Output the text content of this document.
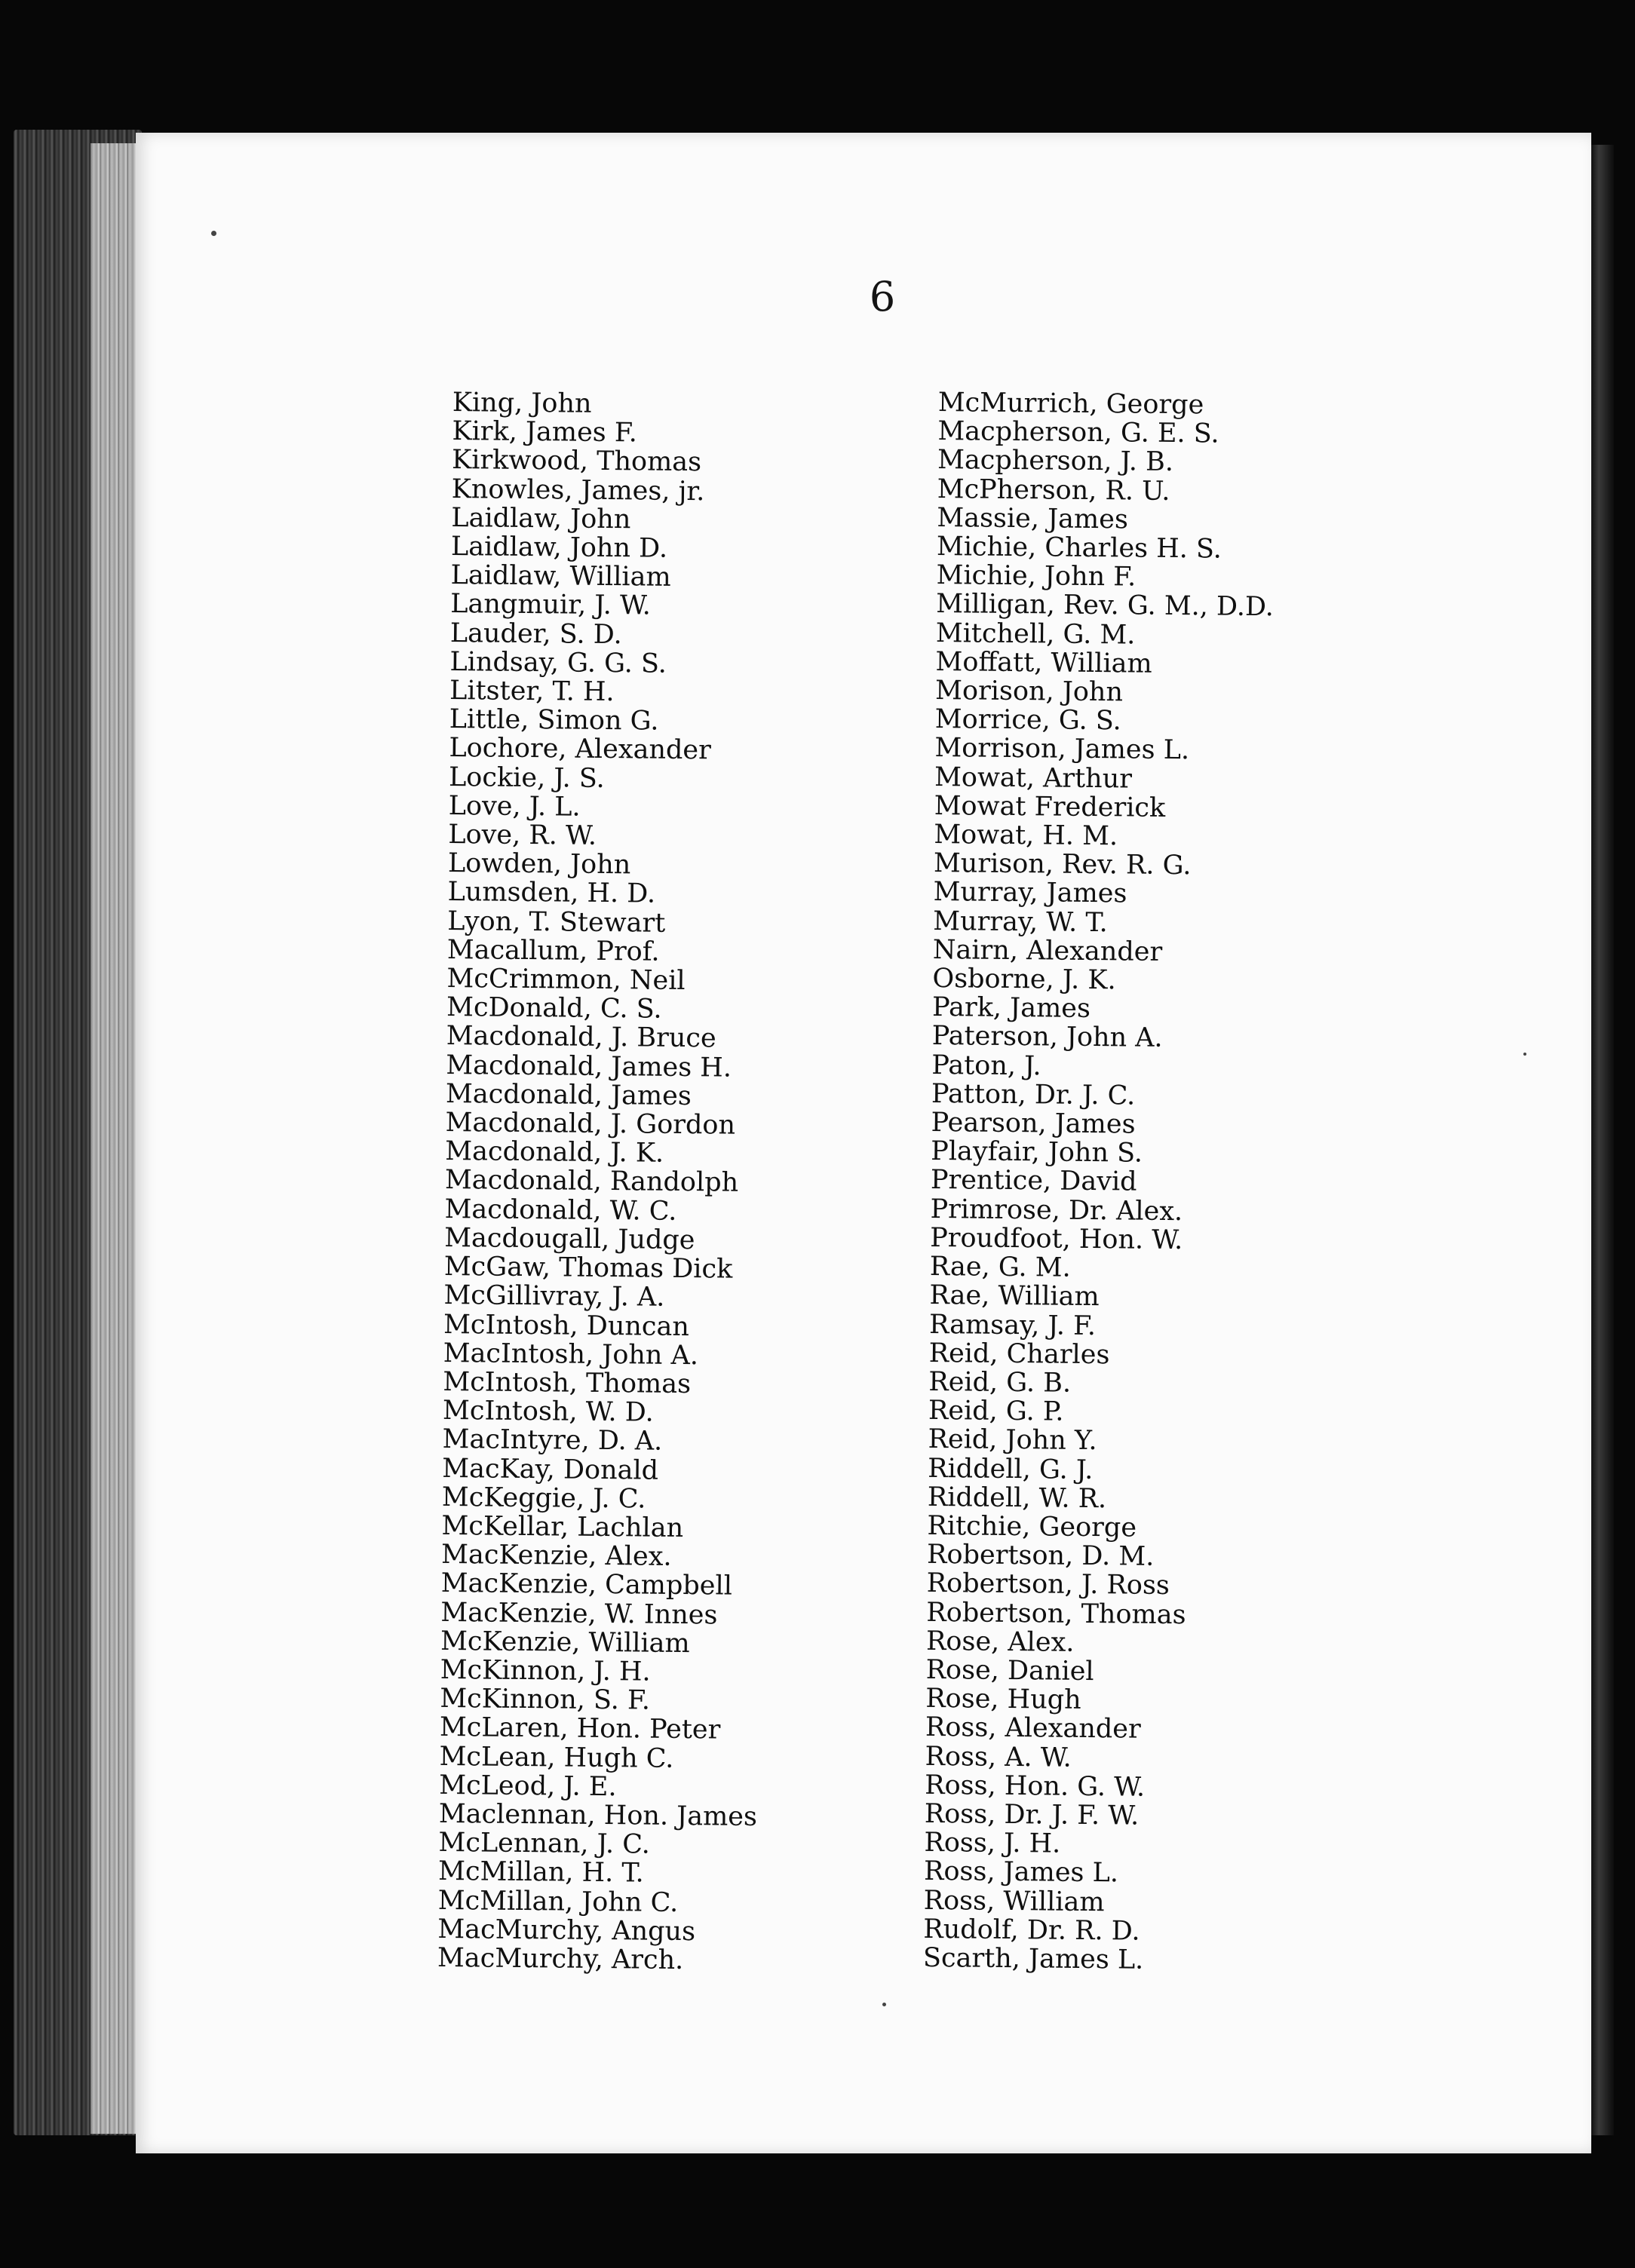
6
King, John
Kirk, James F.
Kirkwood, Thomas
Knowles, James, jr.
Laidlaw, John
Laidlaw, John D.
Laidlaw, William
Langmuir, J. W.
Lauder, S. D.
Lindsay, G. G. S.
Litster, T. H.
Little, Simon G.
Lochore, Alexander
Lockie, J. S.
Love, J. L.
Love, R. W.
Lowden, John
Lumsden, H. D.
Lyon, T. Stewart
Macallum, Prof.
McCrimmon, Neil
McDonald, C. S.
Macdonald, J. Bruce
Macdonald, James H.
Macdonald, James
Macdonald, J. Gordon
Macdonald, J. K.
Macdonald, Randolph
Macdonald, W. C.
Macdougall, Judge
McGaw, Thomas Dick
McGillivray, J. A.
McIntosh, Duncan
MacIntosh, John A.
McIntosh, Thomas
McIntosh, W. D.
MacIntyre, D. A.
MacKay, Donald
McKeggie, J. C.
McKellar, Lachlan
MacKenzie, Alex.
MacKenzie, Campbell
MacKenzie, W. Innes
McKenzie, William
McKinnon, J. H.
McKinnon, S. F.
McLaren, Hon. Peter
McLean, Hugh C.
McLeod, J. E.
Maclennan, Hon. James
McLennan, J. C.
McMillan, H. T.
McMillan, John C.
MacMurchy, Angus
MacMurchy, Arch.
McMurrich, George
Macpherson, G. E. S.
Macpherson, J. B.
McPherson, R. U.
Massie, James
Michie, Charles H. S.
Michie, John F.
Milligan, Rev. G. M., D.D.
Mitchell, G. M.
Moffatt, William
Morison, John
Morrice, G. S.
Morrison, James L.
Mowat, Arthur
Mowat Frederick
Mowat, H. M.
Murison, Rev. R. G.
Murray, James
Murray, W. T.
Nairn, Alexander
Osborne, J. K.
Park, James
Paterson, John A.
Paton, J.
Patton, Dr. J. C.
Pearson, James
Playfair, John S.
Prentice, David
Primrose, Dr. Alex.
Proudfoot, Hon. W.
Rae, G. M.
Rae, William
Ramsay, J. F.
Reid, Charles
Reid, G. B.
Reid, G. P.
Reid, John Y.
Riddell, G. J.
Riddell, W. R.
Ritchie, George
Robertson, D. M.
Robertson, J. Ross
Robertson, Thomas
Rose, Alex.
Rose, Daniel
Rose, Hugh
Ross, Alexander
Ross, A. W.
Ross, Hon. G. W.
Ross, Dr. J. F. W.
Ross, J. H.
Ross, James L.
Ross, William
Rudolf, Dr. R. D.
Scarth, James L.
